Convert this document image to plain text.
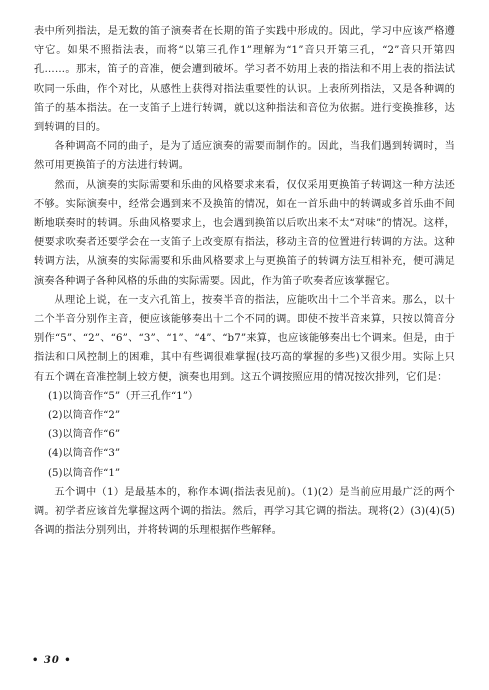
表中所列指法，是无数的笛子演奏者在长期的笛子实践中形成的。因此，学习中应该严格遵守它。如果不照指法表，而将“以第三孔作1”理解为“1”音只开第三孔，“2”音只开第四孔……。那末，笛子的音准，便会遭到破坏。学习者不妨用上表的指法和不用上表的指法试吹同一乐曲，作个对比，从感性上获得对指法重要性的认识。上表所列指法，又是各种调的笛子的基本指法。在一支笛子上进行转调，就以这种指法和音位为依据。进行变换推移，达到转调的目的。

各种调高不同的曲子，是为了适应演奏的需要而制作的。因此，当我们遇到转调时，当然可用更换笛子的方法进行转调。

然而，从演奏的实际需要和乐曲的风格要求来看，仅仅采用更换笛子转调这一种方法还不够。实际演奏中，经常会遇到来不及换笛的情况，如在一首乐曲中的转调或多首乐曲不间断地联奏时的转调。乐曲风格要求上，也会遇到换笛以后吹出来不太“对味”的情况。这样，便要求吹奏者还要学会在一支笛子上改变原有指法，移动主音的位置进行转调的方法。这种转调方法，从演奏的实际需要和乐曲风格要求上与更换笛子的转调方法互相补充，便可满足演奏各种调子各种风格的乐曲的实际需要。因此，作为笛子吹奏者应该掌握它。

从理论上说，在一支六孔笛上，按奏半音的指法，应能吹出十二个半音来。那么，以十二个半音分别作主音，便应该能够奏出十二个不同的调。即使不按半音来算，只按以简音分别作“5”、“2”、“6”、“3”、“1”、“4”、“b7”来算，也应该能够奏出七个调来。但是，由于指法和口风控制上的困难，其中有些调很难掌握(技巧高的掌握的多些)又很少用。实际上只有五个调在音准控制上较方便，演奏也用到。这五个调按照应用的情况按次排列，它们是：

(1)以筒音作“5”（开三孔作“1”）

(2)以筒音作“2”

(3)以筒音作“6”

(4)以筒音作“3”

(5)以筒音作“1”

五个调中（1）是最基本的，称作本调(指法表见前)。（1)(2）是当前应用最广泛的两个调。初学者应该首先掌握这两个调的指法。然后，再学习其它调的指法。现将(2）(3)(4)(5)各调的指法分别列出，并将转调的乐理根据作些解释。

• 30 •
